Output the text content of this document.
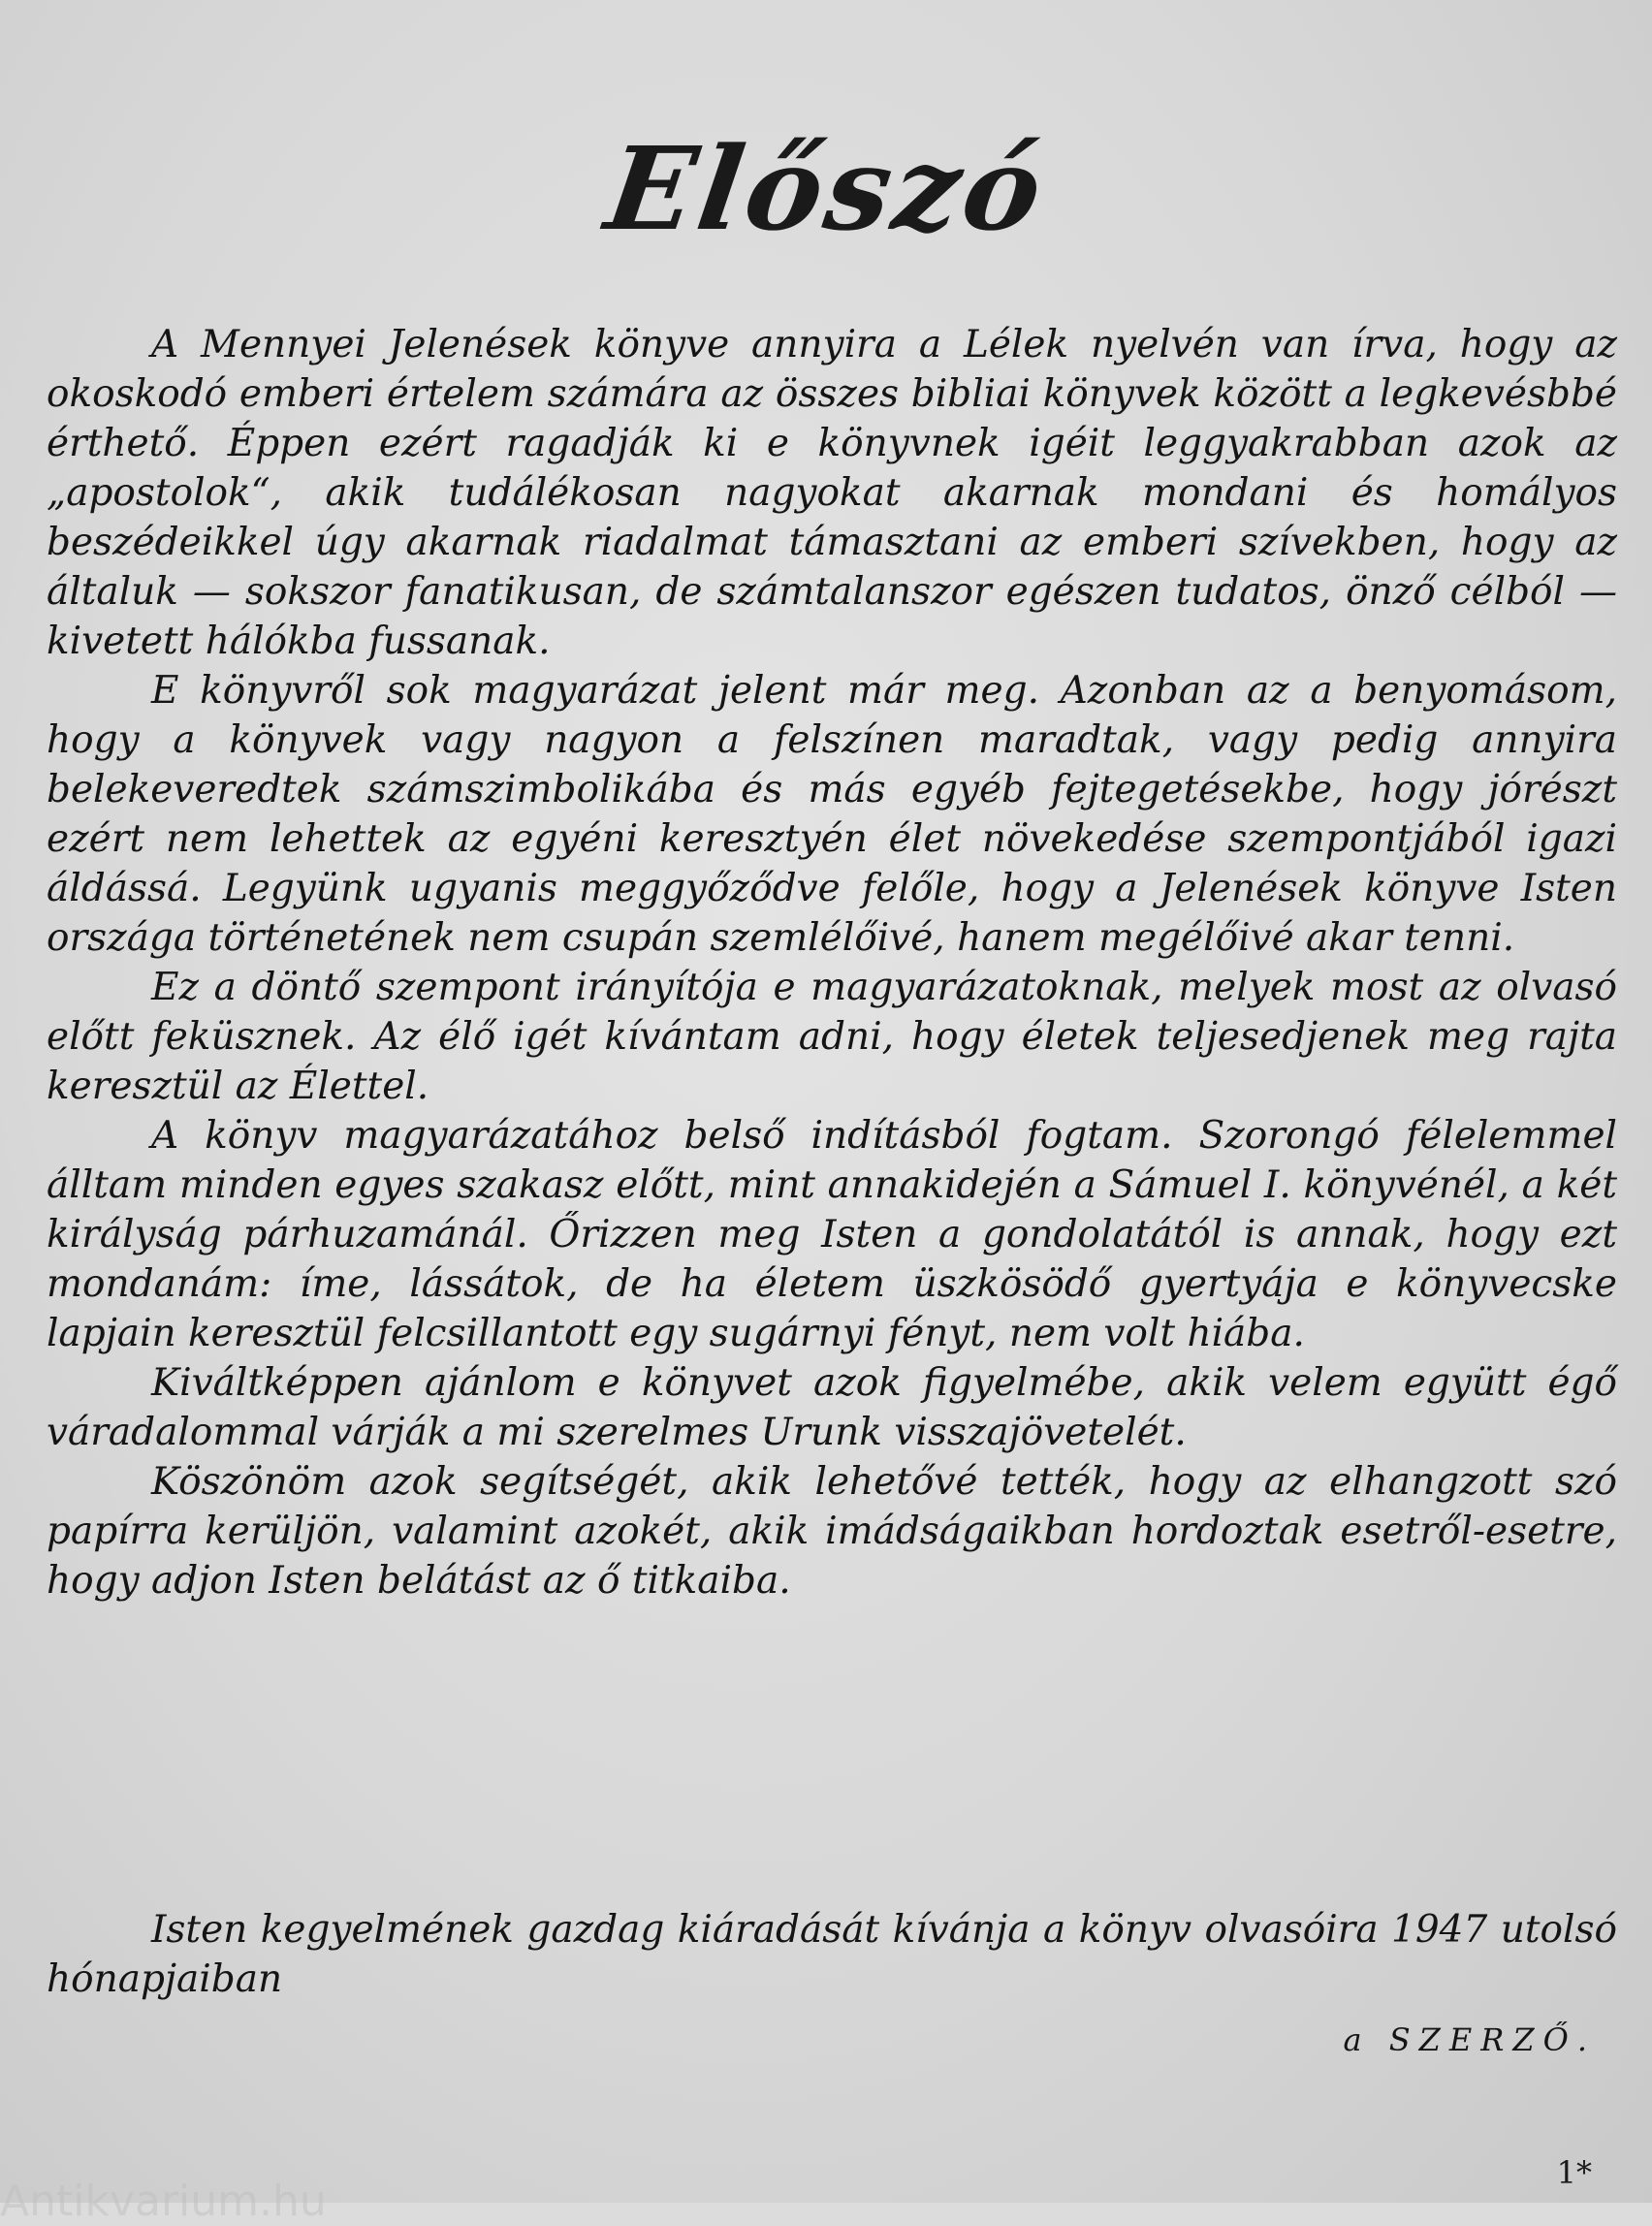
Előszó

A Mennyei Jelenések könyve annyira a Lélek nyelvén van írva, hogy az okoskodó emberi értelem számára az összes bibliai könyvek között a legkevésbbé érthető. Éppen ezért ragadják ki e könyvnek igéit leggyakrabban azok az „apostolok“, akik tudálékosan nagyokat akarnak mondani és homályos beszédeikkel úgy akarnak riadalmat támasztani az emberi szívekben, hogy az általuk — sokszor fanatikusan, de számtalanszor egészen tudatos, önző célból — kivetett hálókba fussanak.

E könyvről sok magyarázat jelent már meg. Azonban az a benyomásom, hogy a könyvek vagy nagyon a felszínen maradtak, vagy pedig annyira belekeveredtek számszimbolikába és más egyéb fejtegetésekbe, hogy jórészt ezért nem lehettek az egyéni keresztyén élet növekedése szempontjából igazi áldássá. Legyünk ugyanis meggyőződve felőle, hogy a Jelenések könyve Isten országa történetének nem csupán szemlélőivé, hanem megélőivé akar tenni.

Ez a döntő szempont irányítója e magyarázatoknak, melyek most az olvasó előtt feküsznek. Az élő igét kívántam adni, hogy életek teljesedjenek meg rajta keresztül az Élettel.

A könyv magyarázatához belső indításból fogtam. Szorongó félelemmel álltam minden egyes szakasz előtt, mint annakidején a Sámuel I. könyvénél, a két királyság párhuzamánál. Őrizzen meg Isten a gondolatától is annak, hogy ezt mondanám: íme, lássátok, de ha életem üszkösödő gyertyája e könyvecske lapjain keresztül felcsillantott egy sugárnyi fényt, nem volt hiába.

Kiváltképpen ajánlom e könyvet azok figyelmébe, akik velem együtt égő váradalommal várják a mi szerelmes Urunk visszajövetelét.

Köszönöm azok segítségét, akik lehetővé tették, hogy az elhangzott szó papírra kerüljön, valamint azokét, akik imádságaikban hordoztak esetről-esetre, hogy adjon Isten belátást az ő titkaiba.

Isten kegyelmének gazdag kiáradását kívánja a könyv olvasóira 1947 utolsó hónapjaiban

a SZERZŐ.

1*

Antikvarium.hu
